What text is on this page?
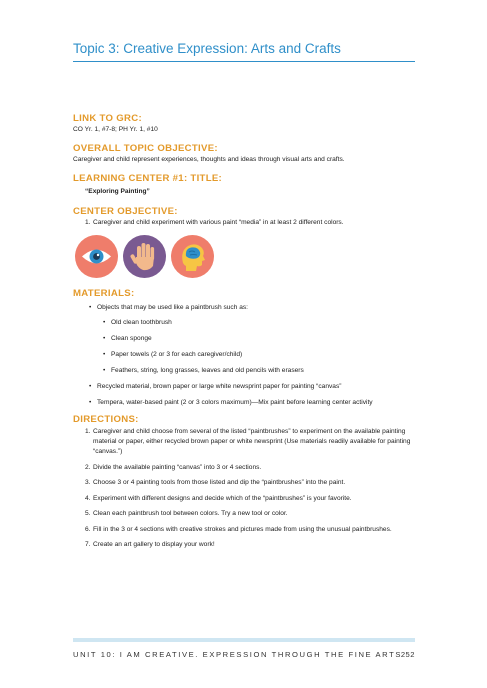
Topic 3: Creative Expression: Arts and Crafts

LINK TO GRC:

CO Yr. 1, #7-8; PH Yr. 1, #10

OVERALL TOPIC OBJECTIVE:

Caregiver and child represent experiences, thoughts and ideas through visual arts and crafts.

LEARNING CENTER #1: TITLE:

“Exploring Painting”

CENTER OBJECTIVE:

1. Caregiver and child experiment with various paint “media” in at least 2 different colors.

MATERIALS:

• Objects that may be used like a paintbrush such as:
• Old clean toothbrush
• Clean sponge
• Paper towels (2 or 3 for each caregiver/child)
• Feathers, string, long grasses, leaves and old pencils with erasers
• Recycled material, brown paper or large white newsprint paper for painting “canvas”
• Tempera, water-based paint (2 or 3 colors maximum)—Mix paint before learning center activity

DIRECTIONS:

1. Caregiver and child choose from several of the listed “paintbrushes” to experiment on the available painting material or paper, either recycled brown paper or white newsprint (Use materials readily available for painting “canvas.”)
2. Divide the available painting “canvas” into 3 or 4 sections.
3. Choose 3 or 4 painting tools from those listed and dip the “paintbrushes” into the paint.
4. Experiment with different designs and decide which of the “paintbrushes” is your favorite.
5. Clean each paintbrush tool between colors. Try a new tool or color.
6. Fill in the 3 or 4 sections with creative strokes and pictures made from using the unusual paintbrushes.
7. Create an art gallery to display your work!
UNIT 10: I AM CREATIVE. EXPRESSION THROUGH THE FINE ARTS
252
